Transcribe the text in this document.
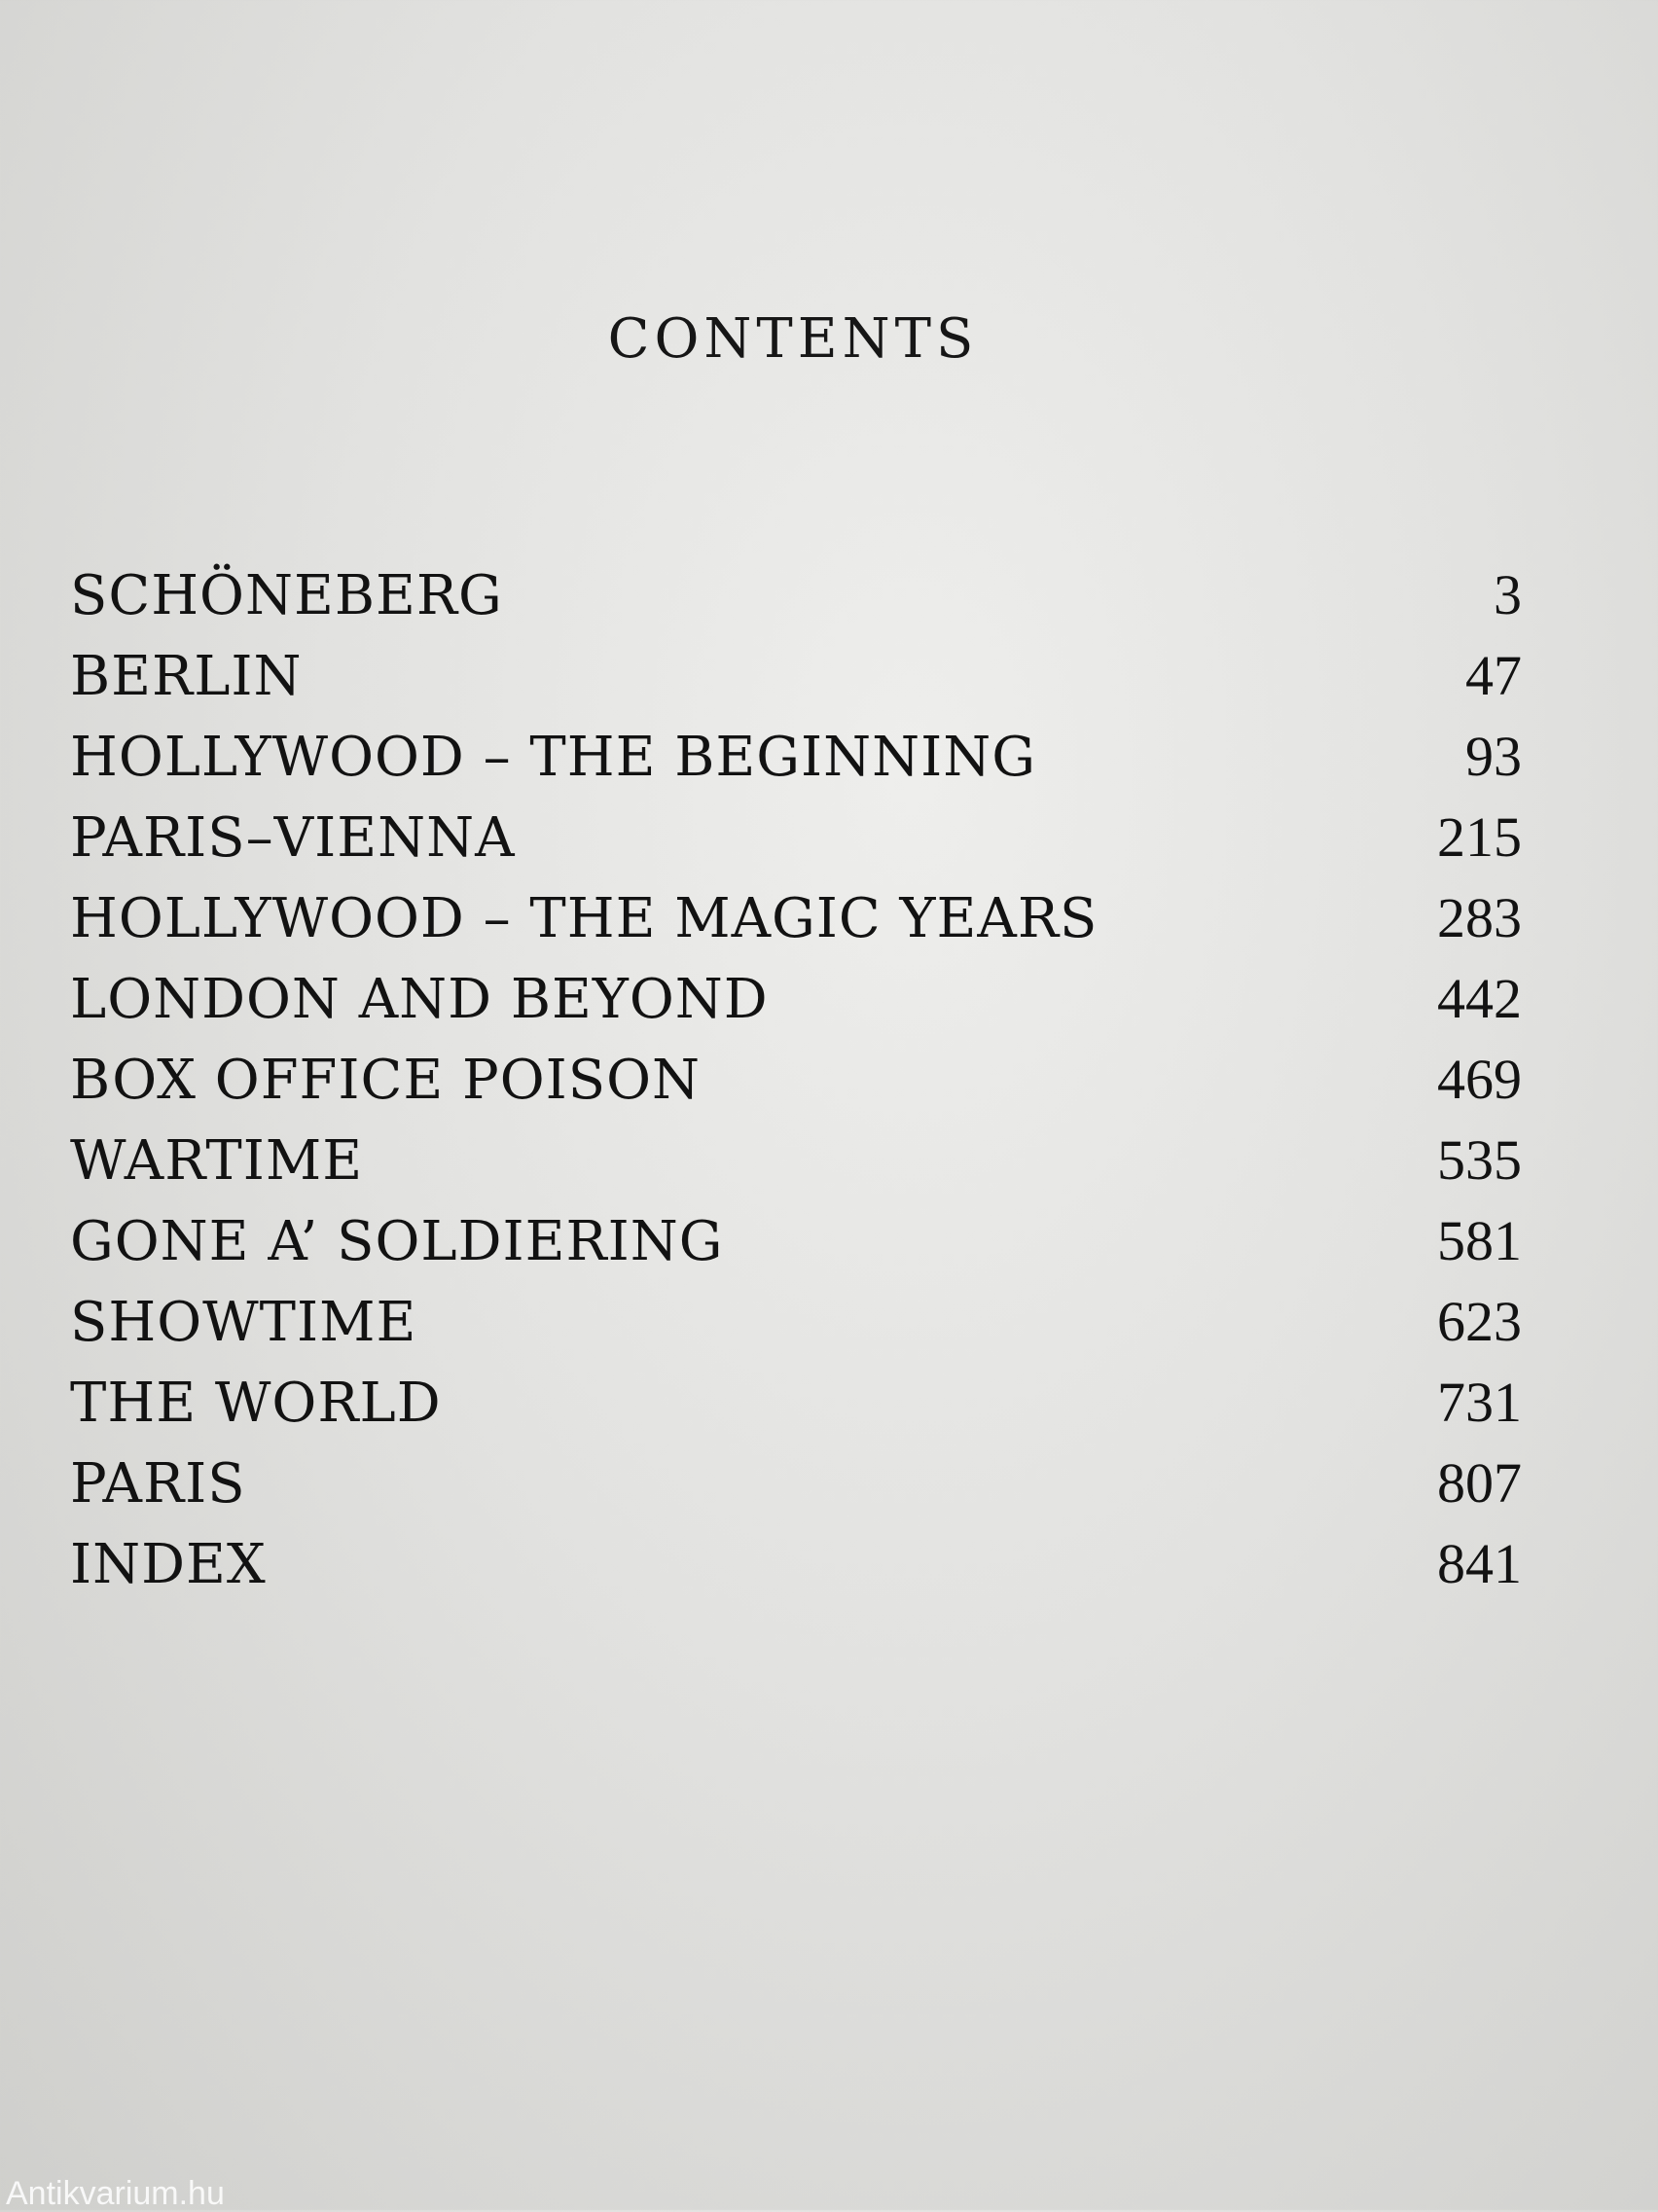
CONTENTS
SCHÖNEBERG	3
BERLIN	47
HOLLYWOOD – THE BEGINNING	93
PARIS–VIENNA	215
HOLLYWOOD – THE MAGIC YEARS	283
LONDON AND BEYOND	442
BOX OFFICE POISON	469
WARTIME	535
GONE A’ SOLDIERING	581
SHOWTIME	623
THE WORLD	731
PARIS	807
INDEX	841
Antikvarium.hu
